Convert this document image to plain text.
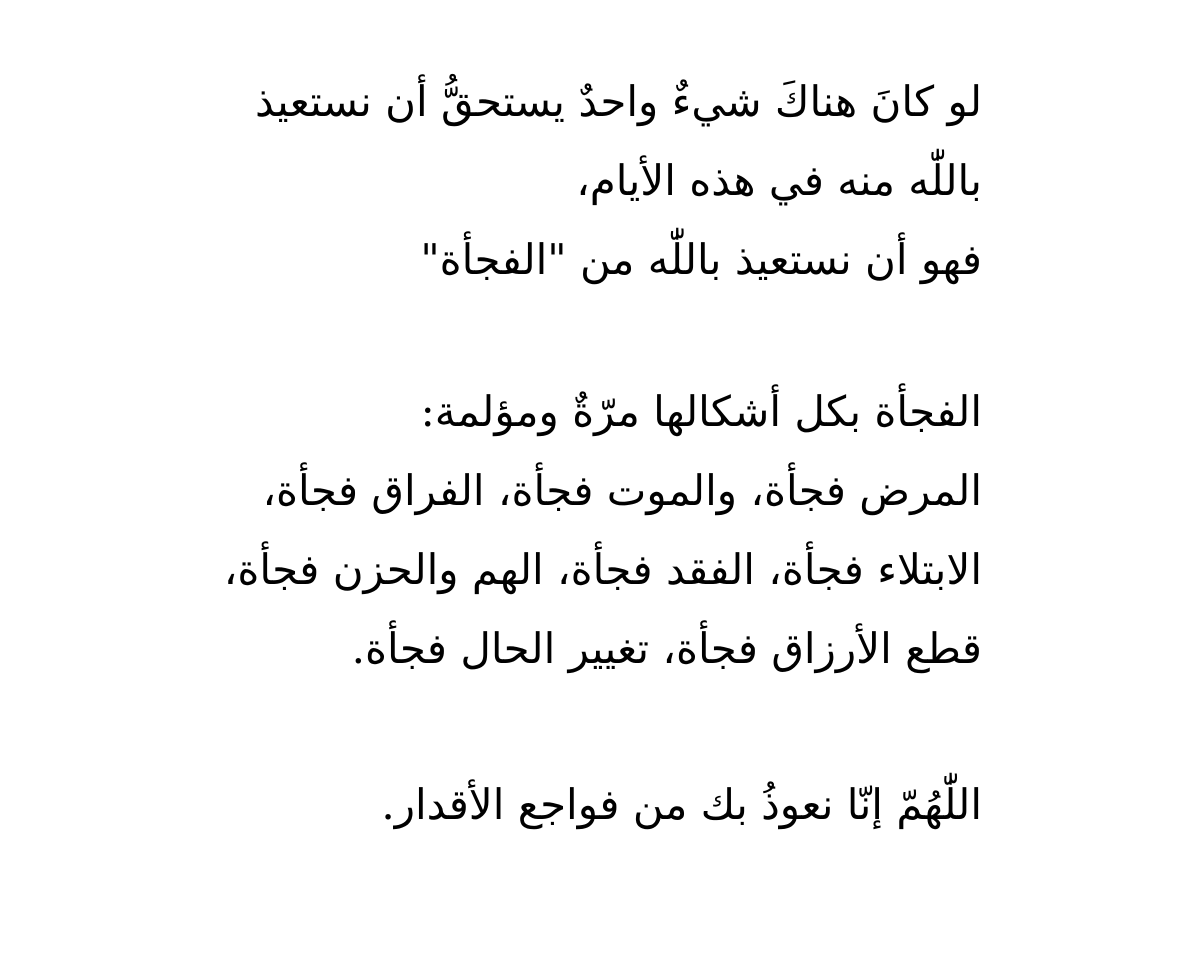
لو كانَ هناكَ شيءٌ واحدٌ يستحقُّ أن نستعيذ
باللّٰه منه في هذه الأيام،
فهو أن نستعيذ باللّٰه من "الفجأة"
الفجأة بكل أشكالها مرّةٌ ومؤلمة:
المرض فجأة، والموت فجأة، الفراق فجأة،
الابتلاء فجأة، الفقد فجأة، الهم والحزن فجأة،
قطع الأرزاق فجأة، تغيير الحال فجأة.
اللّٰهُمّ إنّا نعوذُ بك من فواجع الأقدار.
